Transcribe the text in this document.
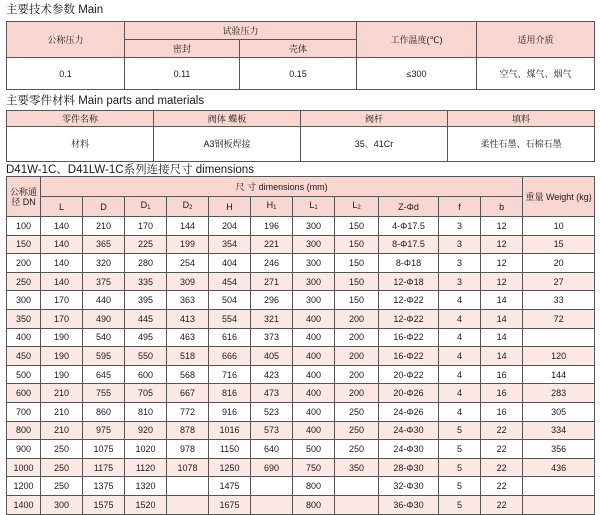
主要技术参数 Main
公称压力	试验压力		工作温度(℃)	适用介质
	密封	壳体		
0.1	0.11	0.15	≤300	空气、煤气、烟气
主要零件材料 Main parts and materials
零件名称	阀体 蝶板	阀杆	填料
材料	A3钢板焊接	35、41Cr	柔性石墨、石棉石墨
D41W-1C、D41LW-1C系列连接尺寸 dimensions
公称通径 DN	尺 寸 dimensions (mm)											重量 Weight (kg)
	L	D	$D_1$	$D_2$	H	$H_1$	$L_1$	$L_2$	Z-Φd	f	b	
100	140	210	170	144	204	196	300	150	4-Φ17.5	3	12	10
150	140	365	225	199	354	221	300	150	8-Φ17.5	3	12	15
200	140	320	280	254	404	246	300	150	8-Φ18	3	12	20
250	140	375	335	309	454	271	300	150	12-Φ18	3	12	27
300	170	440	395	363	504	296	300	150	12-Φ22	4	14	33
350	170	490	445	413	554	321	400	200	12-Φ22	4	14	72
400	190	540	495	463	616	373	400	200	16-Φ22	4	14	
450	190	595	550	518	666	405	400	200	16-Φ22	4	14	120
500	190	645	600	568	716	423	400	200	20-Φ22	4	16	144
600	210	755	705	667	816	473	400	200	20-Φ26	4	16	283
700	210	860	810	772	916	523	400	250	24-Φ26	4	16	305
800	210	975	920	878	1016	573	400	250	24-Φ30	5	22	334
900	250	1075	1020	978	1150	640	500	250	24-Φ30	5	22	356
1000	250	1175	1120	1078	1250	690	750	350	28-Φ30	5	22	436
1200	250	1375	1320		1475		800		32-Φ30	5	22	
1400	300	1575	1520		1675		800		36-Φ30	5	22	
